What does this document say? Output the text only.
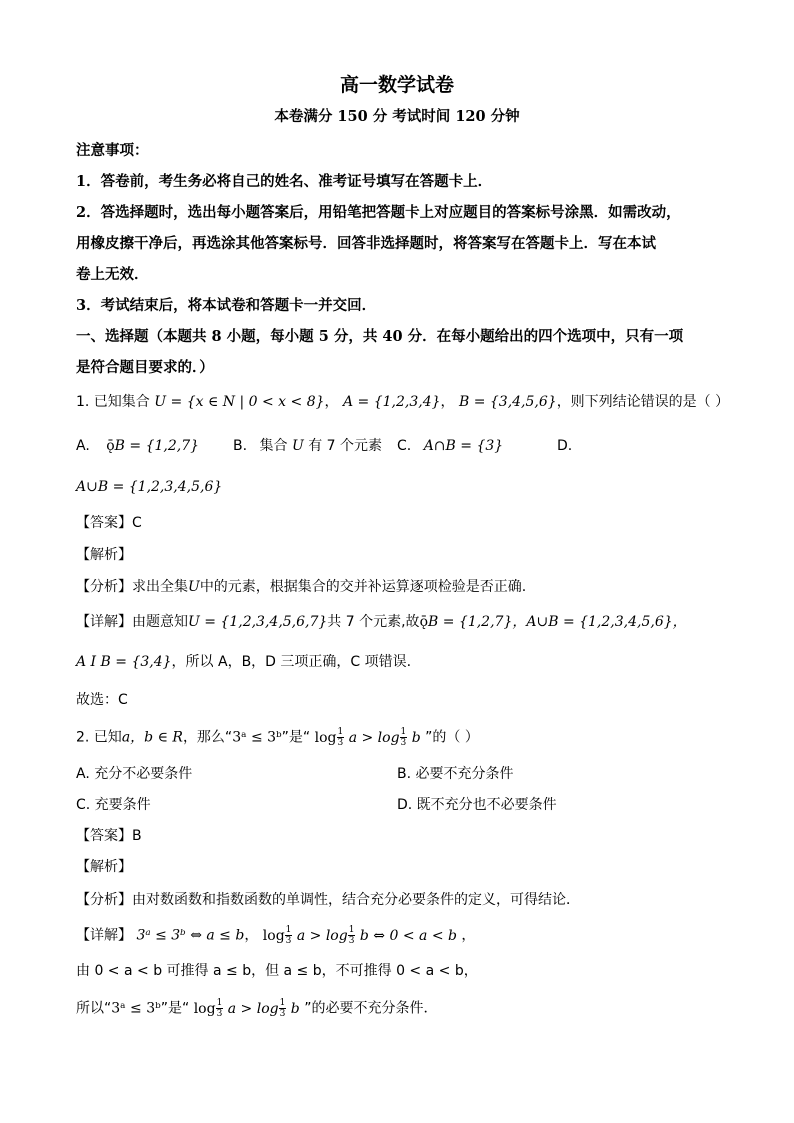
高一数学试卷
本卷满分 150 分 考试时间 120 分钟
注意事项：
1．答卷前，考生务必将自己的姓名、准考证号填写在答题卡上．
2．答选择题时，选出每小题答案后，用铅笔把答题卡上对应题目的答案标号涂黑．如需改动，
用橡皮擦干净后，再选涂其他答案标号．回答非选择题时，将答案写在答题卡上．写在本试
卷上无效．
3．考试结束后，将本试卷和答题卡一并交回．
一、选择题（本题共 8 小题，每小题 5 分，共 40 分．在每小题给出的四个选项中，只有一项
是符合题目要求的．）
1. 已知集合 U = {x ∈ N | 0 < x < 8}， A = {1,2,3,4}， B = {3,4,5,6}，则下列结论错误的是（ ）
A. ǭB = {1,2,7} B. 集合 U 有 7 个元素 C. A∩B = {3}	D.
A∪B = {1,2,3,4,5,6}
【答案】C
【解析】
【分析】求出全集U中的元素，根据集合的交并补运算逐项检验是否正确.
【详解】由题意知U = {1,2,3,4,5,6,7}共 7 个元素,故ǭB = {1,2,7}，A∪B = {1,2,3,4,5,6}，
A I B = {3,4}，所以 A，B，D 三项正确，C 项错误.
故选：C
2. 已知a，b ∈ R，那么“3ᵃ ≤ 3ᵇ”是“ $\log \frac{1}{3}$ $a > \log \frac{1}{3}$ b ”的（ ）
A. 充分不必要条件	B. 必要不充分条件
C. 充要条件	D. 既不充分也不必要条件
【答案】B
【解析】
【分析】由对数函数和指数函数的单调性，结合充分必要条件的定义，可得结论．
【详解】 3ᵃ ≤ 3ᵇ ⇔ a ≤ b， $\log \frac{1}{3}$ $a > \log \frac{1}{3}$ b ⇔ 0 < a < b ，
由 0 < a < b 可推得 a ≤ b，但 a ≤ b，不可推得 0 < a < b，
所以“3ᵃ ≤ 3ᵇ”是“ $\log \frac{1}{3}$ $a > \log \frac{1}{3}$ b ”的必要不充分条件．
